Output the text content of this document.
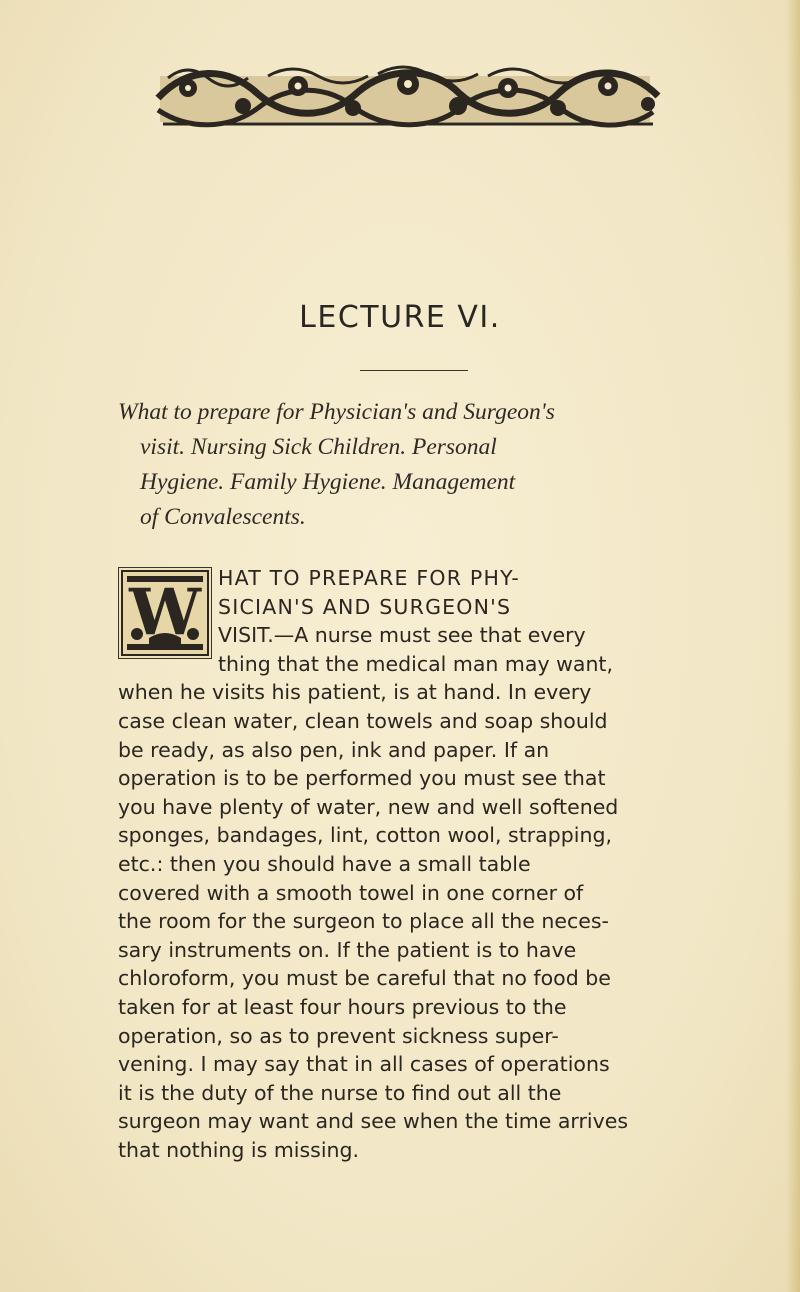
LECTURE VI.
What to prepare for Physician's and Surgeon's
visit. Nursing Sick Children. Personal
Hygiene. Family Hygiene. Management
of Convalescents.
W HAT TO PREPARE FOR PHY-
SICIAN'S AND SURGEON'S
VISIT.—A nurse must see that every
thing that the medical man may want,
when he visits his patient, is at hand. In every
case clean water, clean towels and soap should
be ready, as also pen, ink and paper. If an
operation is to be performed you must see that
you have plenty of water, new and well softened
sponges, bandages, lint, cotton wool, strapping,
etc.: then you should have a small table
covered with a smooth towel in one corner of
the room for the surgeon to place all the neces-
sary instruments on. If the patient is to have
chloroform, you must be careful that no food be
taken for at least four hours previous to the
operation, so as to prevent sickness super-
vening. I may say that in all cases of operations
it is the duty of the nurse to find out all the
surgeon may want and see when the time arrives
that nothing is missing.
